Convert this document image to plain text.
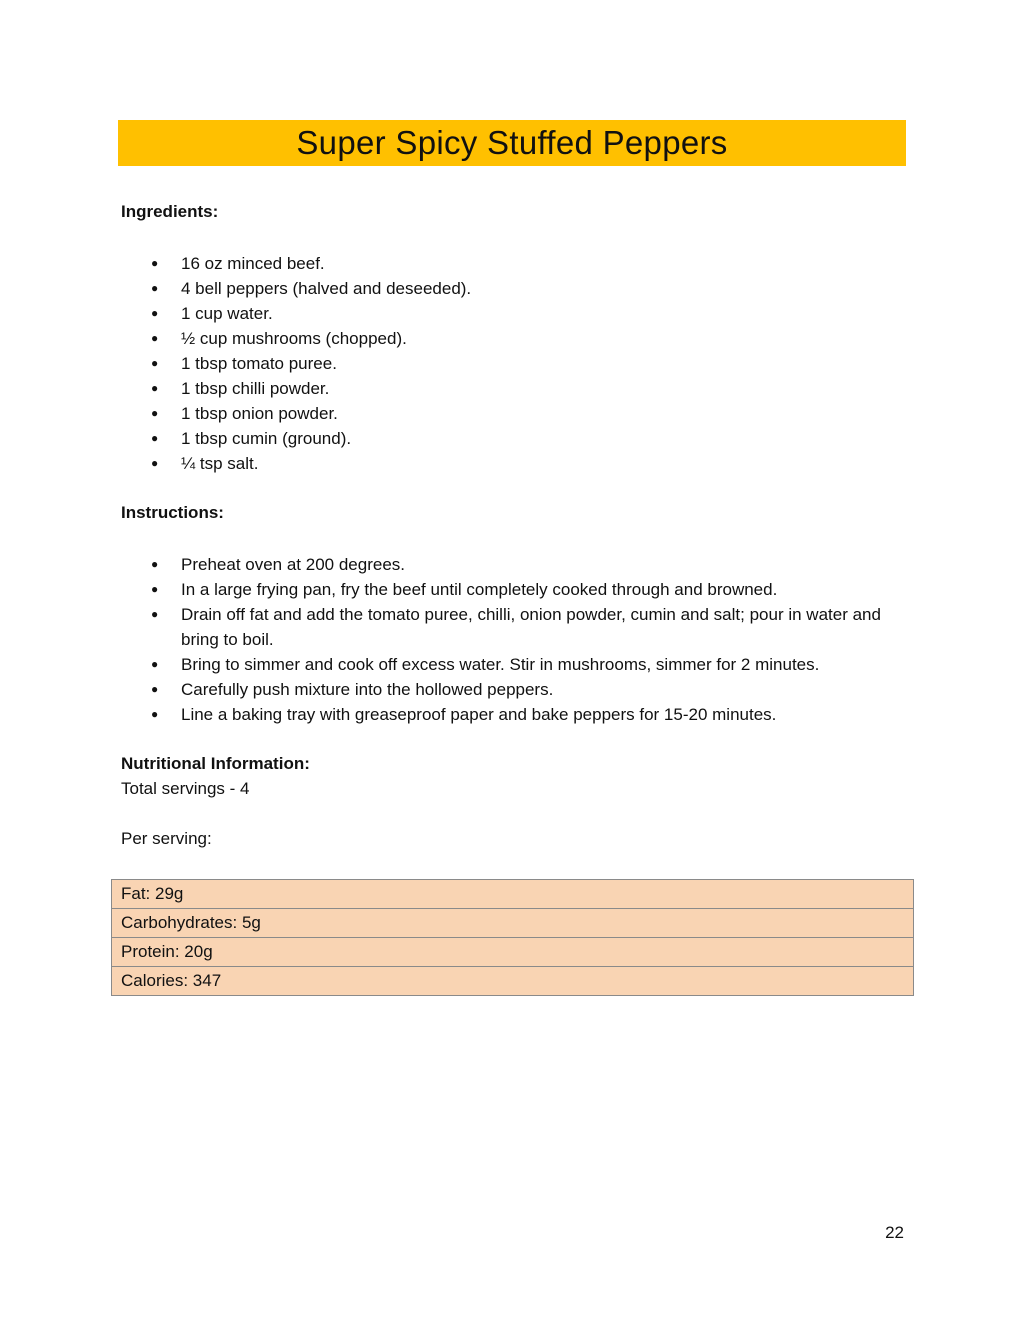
Super Spicy Stuffed Peppers
Ingredients:
● 16 oz minced beef.
● 4 bell peppers (halved and deseeded).
● 1 cup water.
● ½ cup mushrooms (chopped).
● 1 tbsp tomato puree.
● 1 tbsp chilli powder.
● 1 tbsp onion powder.
● 1 tbsp cumin (ground).
● ¼ tsp salt.
Instructions:
● Preheat oven at 200 degrees.
● In a large frying pan, fry the beef until completely cooked through and browned.
● Drain off fat and add the tomato puree, chilli, onion powder, cumin and salt; pour in water and bring to boil.
● Bring to simmer and cook off excess water. Stir in mushrooms, simmer for 2 minutes.
● Carefully push mixture into the hollowed peppers.
● Line a baking tray with greaseproof paper and bake peppers for 15-20 minutes.
Nutritional Information:
Total servings - 4
Per serving:
Fat: 29g
Carbohydrates: 5g
Protein: 20g
Calories: 347
22
